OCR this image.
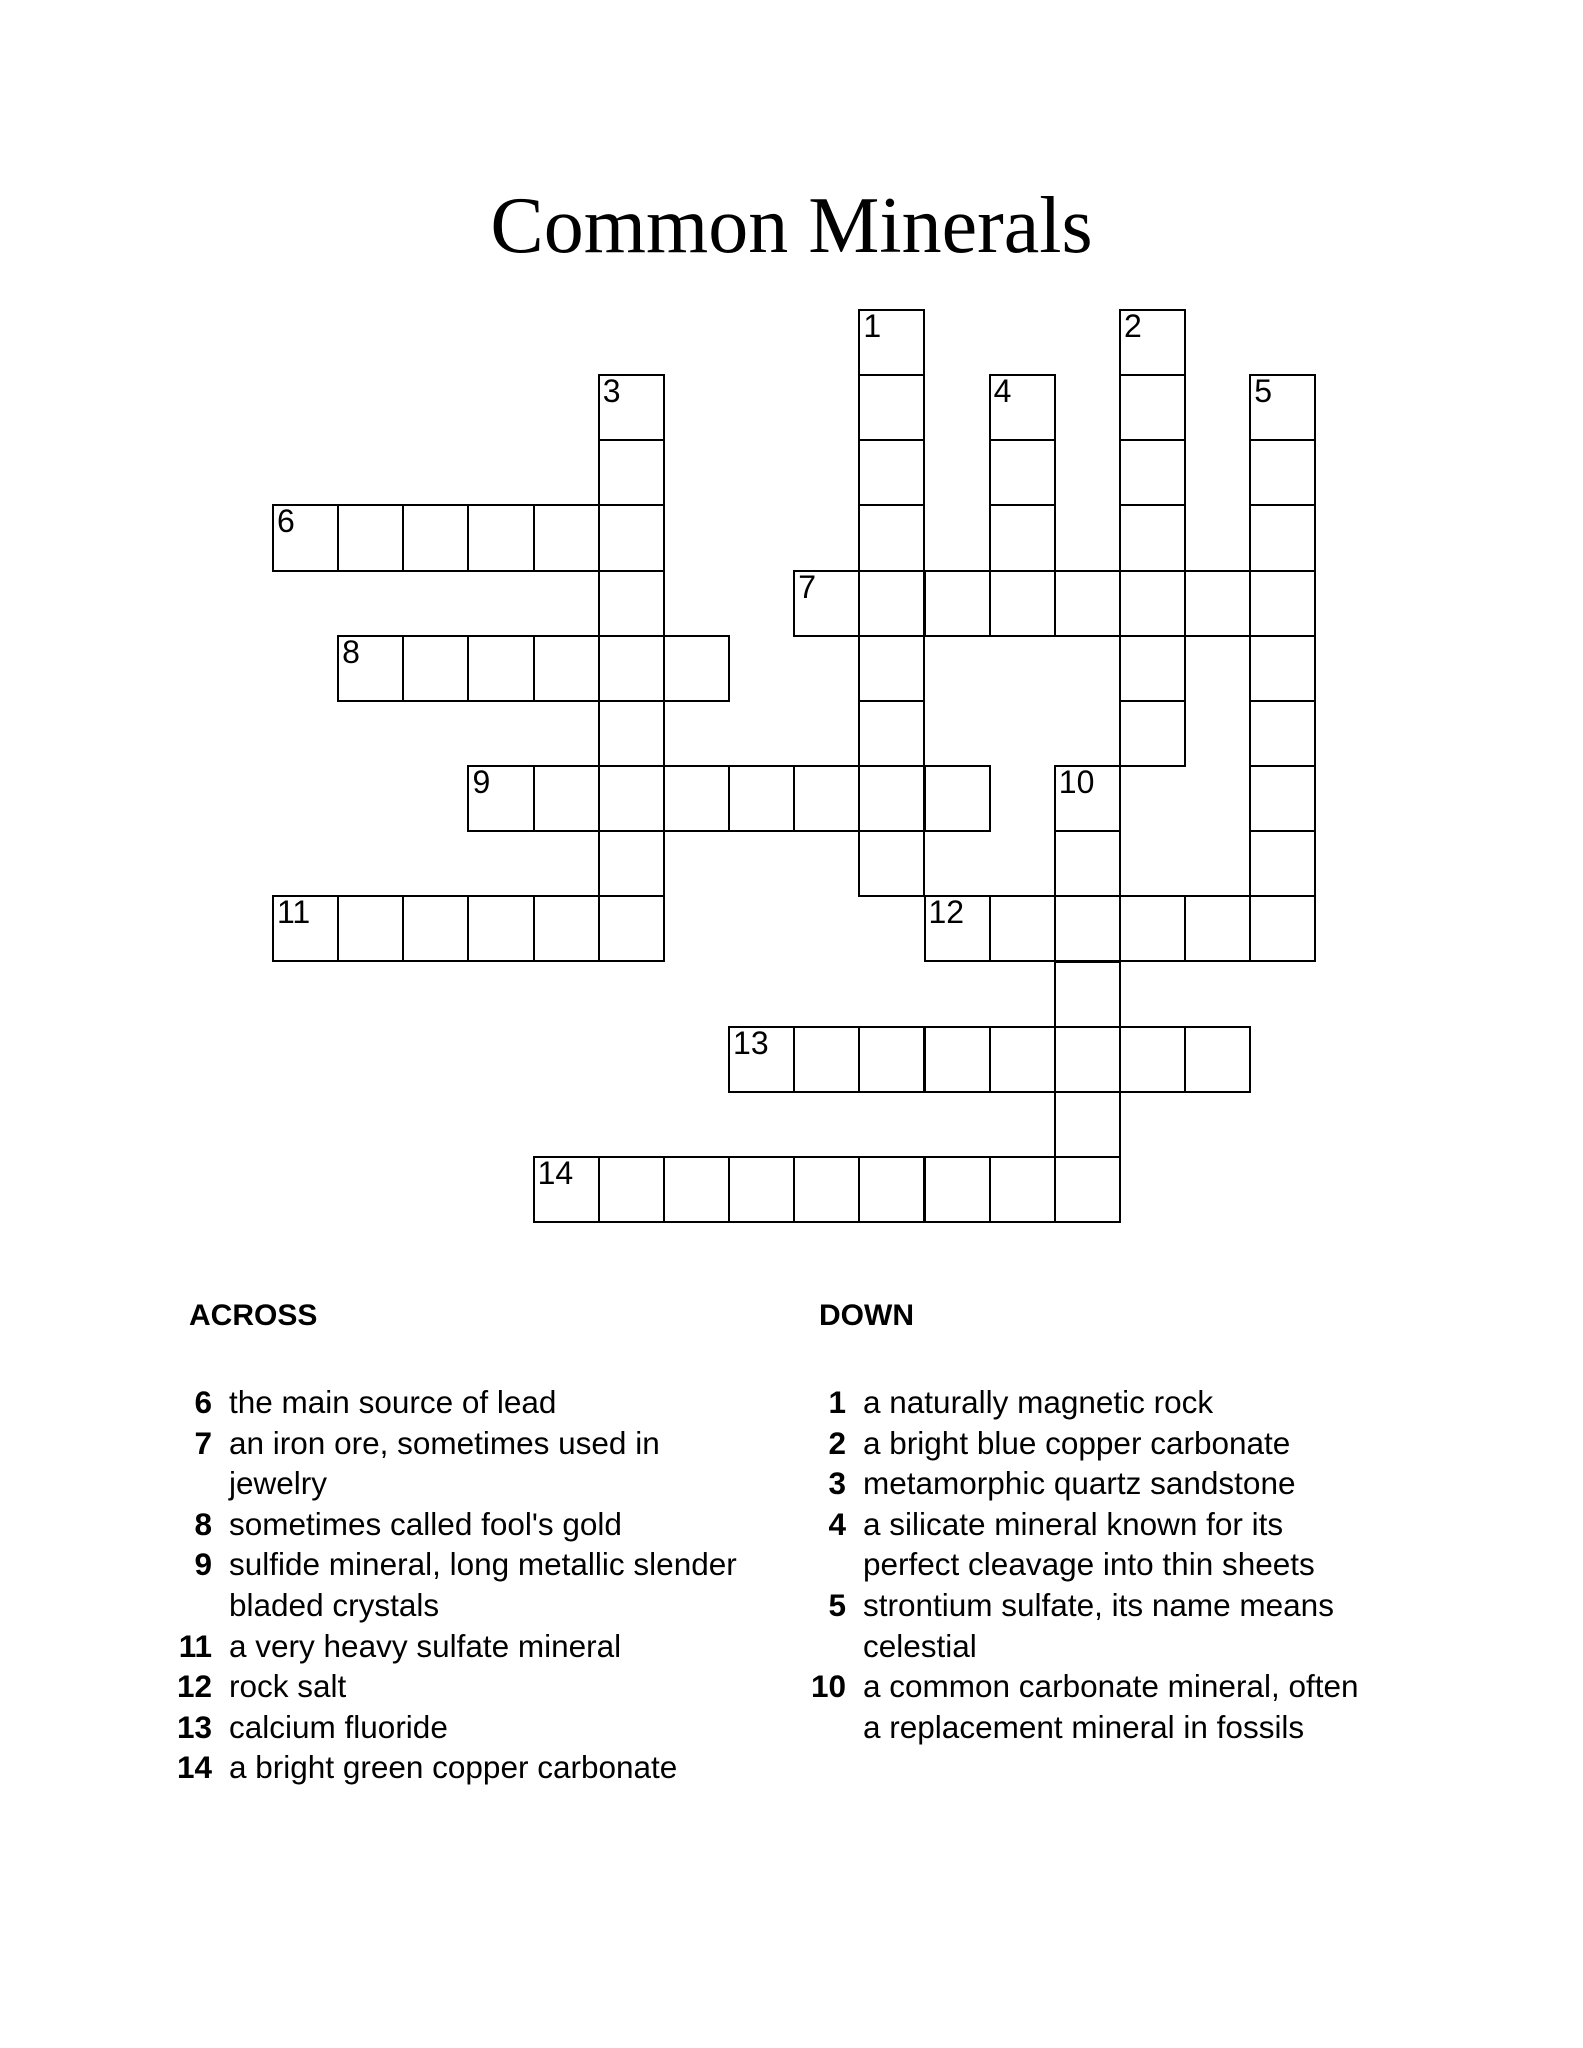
Common Minerals
1	2
3	4	5
6
7
8
9	10
11	12
13
14
ACROSS
6 the main source of lead
7 an iron ore, sometimes used in jewelry
8 sometimes called fool's gold
9 sulfide mineral, long metallic slender bladed crystals
11 a very heavy sulfate mineral
12 rock salt
13 calcium fluoride
14 a bright green copper carbonate
DOWN
1 a naturally magnetic rock
2 a bright blue copper carbonate
3 metamorphic quartz sandstone
4 a silicate mineral known for its perfect cleavage into thin sheets
5 strontium sulfate, its name means celestial
10 a common carbonate mineral, often a replacement mineral in fossils
